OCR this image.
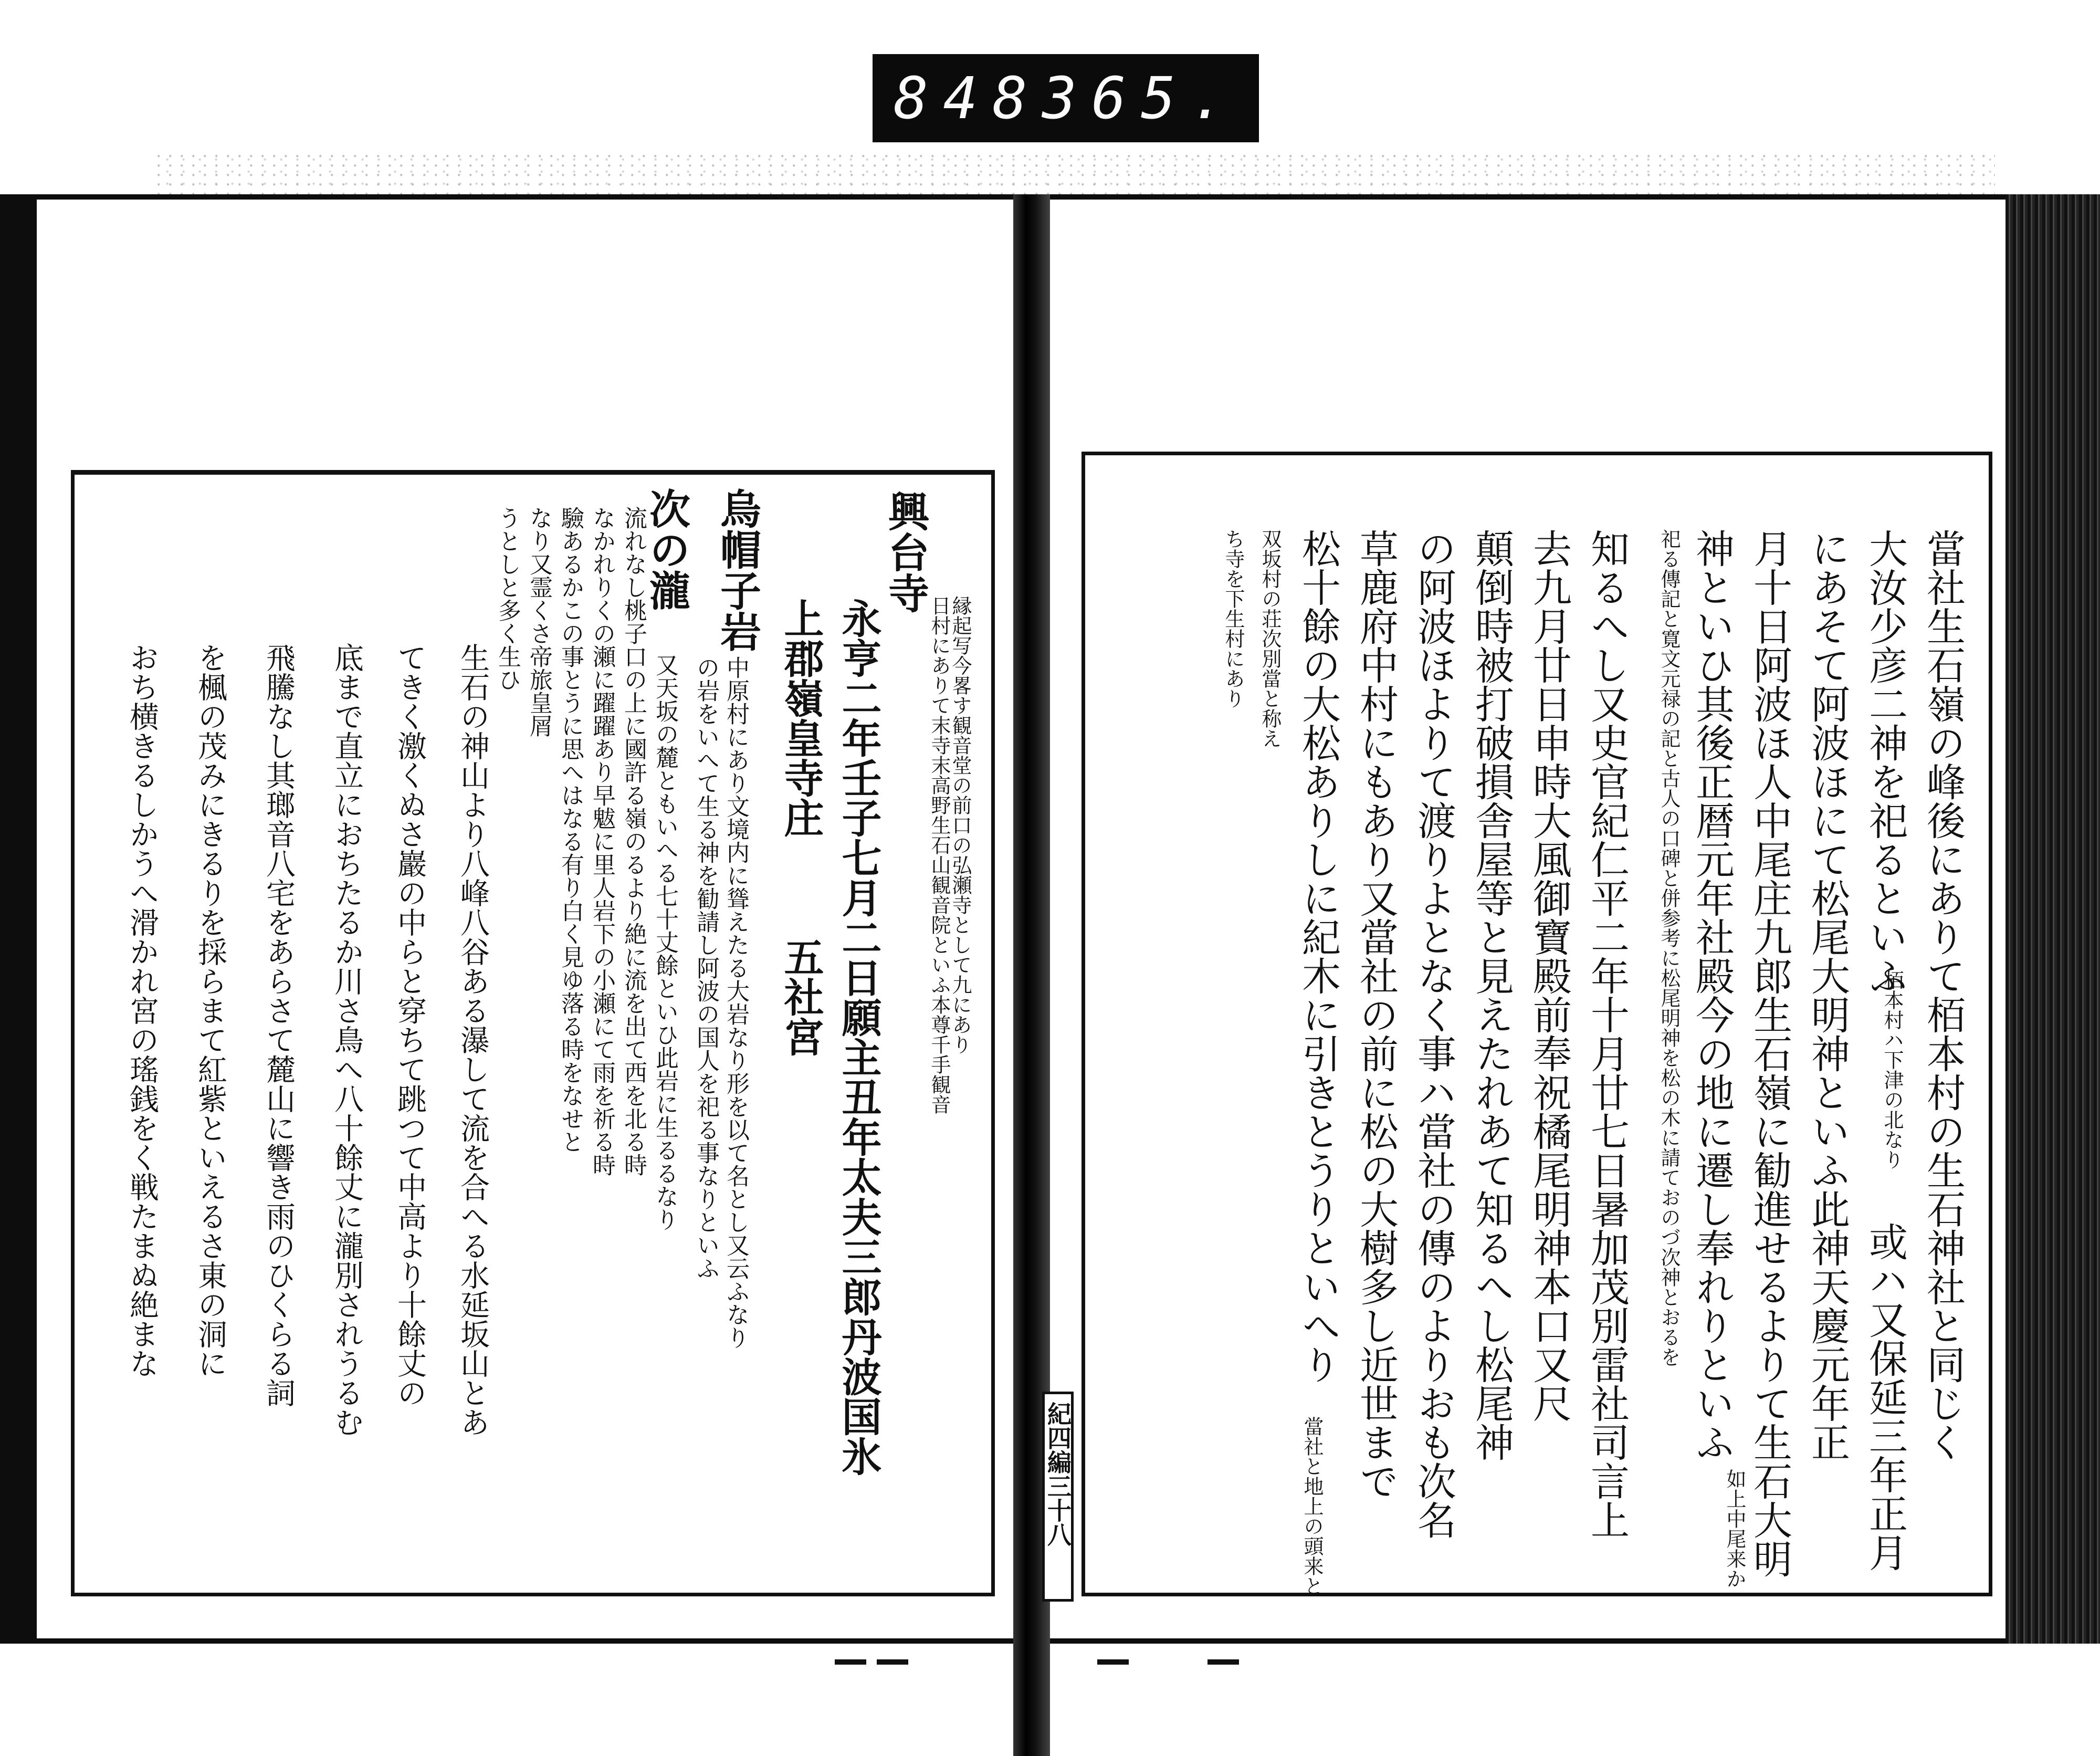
848 365.
興台寺
日村にありて末寺末高野生石山観音院といふ本尊千手観音
縁起写今畧す観音堂の前口の弘瀬寺として九にあり
永亨二年壬子七月二日願主丑年太夫三郎丹波国氷
上郡嶺皇寺庄
五社宮
烏帽子岩
中原村にあり文境内に聳えたる大岩なり形を以て名とし又云ふなり
の岩をいへて生る神を勧請し阿波の国人を祀る事なりといふ
次の瀧
又天坂の麓ともいへる七十丈餘といひ此岩に生るるなり
流れなし桃子口の上に國許る嶺のるより絶に流を出て西を北る時
なかれりくの瀬に躍躍あり早魃に里人岩下の小瀬にて雨を祈る時
驗あるかこの事とうに思へはなる有り白く見ゆ落る時をなせと
なり又霊くさ帝旅皇屑
うとしと多く生ひ
生石の神山より八峰八谷ある瀑して流を合へる水延坂山とあ
てきく激くぬさ巖の中らと穿ちて跳つて中高より十餘丈の
底まで直立におちたるか川さ鳥へ八十餘丈に瀧別されうるむ
飛騰なし其瑯音八宅をあらさて麓山に響き雨のひくらる詞
を楓の茂みにきるりを採らまて紅紫といえるさ東の洞に
おち横きるしかうへ滑かれ宮の瑤銭をく戦たまぬ絶まな	當社生石嶺の峰後にありて栢本村の生石神社と同じく
大汝少彦二神を祀るといふ
栢本村ハ下津の北なり
或ハ又保延三年正月
にあそて阿波ほにて松尾大明神といふ此神天慶元年正
月十日阿波ほ人中尾庄九郎生石嶺に勧進せるよりて生石大明
神といひ其後正暦元年社殿今の地に遷し奉れりといふ
如上中尾来か
祀る傳記と寛文元禄の記と古人の口碑と併参考に松尾明神を松の木に請ておのづ次神とおるを
知るへし又史官紀仁平二年十月廿七日暑加茂別雷社司言上
去九月廿日申時大風御寶殿前奉祝橘尾明神本口又尺
顛倒時被打破損舎屋等と見えたれあて知るへし松尾神
の阿波ほよりて渡りよとなく事ハ當社の傳のよりおも次名
草鹿府中村にもあり又當社の前に松の大樹多し近世まで
松十餘の大松ありしに紀木に引きとうりといへり
當社と地上の頭来と
双坂村の荘次別當と称え
ち寺を下生村にあり
紀四編三十八
